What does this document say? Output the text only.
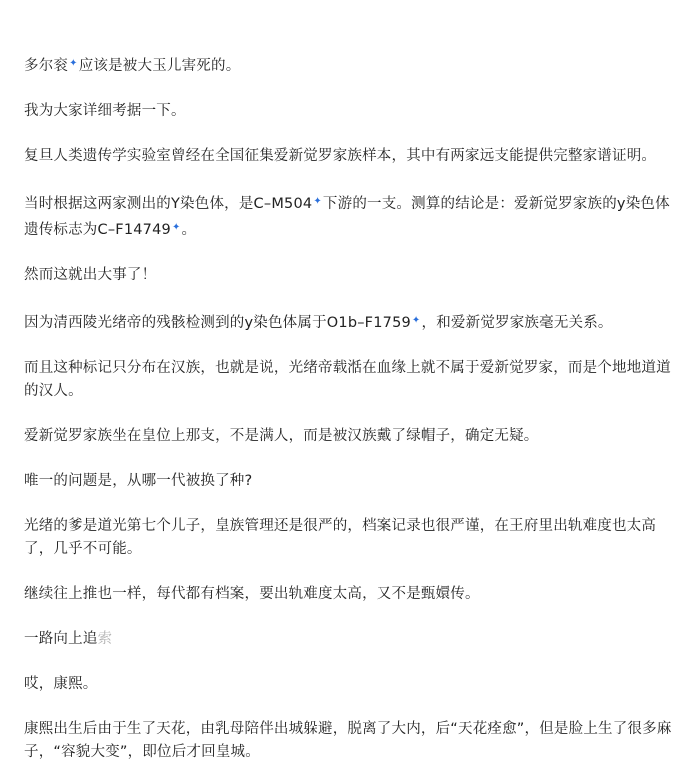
多尔衮✦应该是被大玉儿害死的。

我为大家详细考据一下。

复旦人类遗传学实验室曾经在全国征集爱新觉罗家族样本，其中有两家远支能提供完整家谱证明。

当时根据这两家测出的Y染色体，是C–M504✦下游的一支。测算的结论是：爱新觉罗家族的y染色体遗传标志为C–F14749✦。

然而这就出大事了！

因为清西陵光绪帝的残骸检测到的y染色体属于O1b–F1759✦，和爱新觉罗家族毫无关系。

而且这种标记只分布在汉族，也就是说，光绪帝载湉在血缘上就不属于爱新觉罗家，而是个地地道道的汉人。

爱新觉罗家族坐在皇位上那支，不是满人，而是被汉族戴了绿帽子，确定无疑。

唯一的问题是，从哪一代被换了种?

光绪的爹是道光第七个儿子，皇族管理还是很严的，档案记录也很严谨，在王府里出轨难度也太高了，几乎不可能。

继续往上推也一样，每代都有档案，要出轨难度太高，又不是甄嬛传。

一路向上追索

哎，康熙。

康熙出生后由于生了天花，由乳母陪伴出城躲避，脱离了大内，后“天花痊愈”，但是脸上生了很多麻子，“容貌大变”，即位后才回皇城。
